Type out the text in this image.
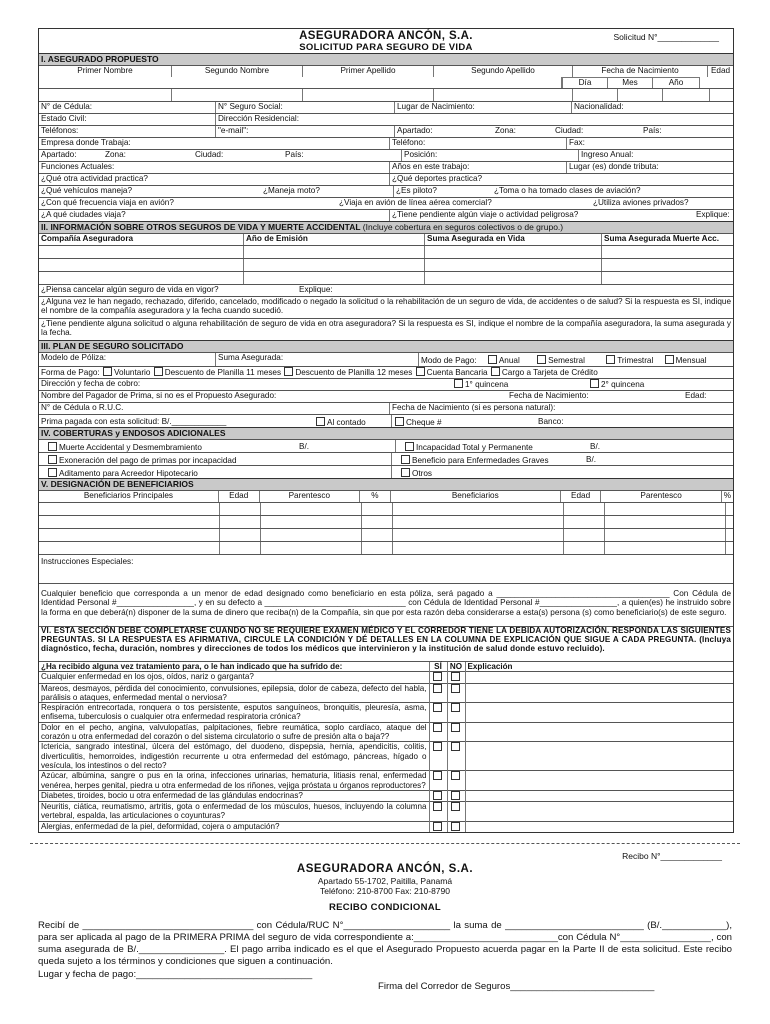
ASEGURADORA ANCÓN, S.A.
SOLICITUD PARA SEGURO DE VIDA
Solicitud N°_____________
I. ASEGURADO PROPUESTO
Primer Nombre	Segundo Nombre	Primer Apellido	Segundo Apellido	Fecha de Nacimiento	Edad
Día	Mes	Año
N° de Cédula:	N° Seguro Social:	Lugar de Nacimiento:	Nacionalidad:
Estado Civil:	Dirección Residencial:
Teléfonos:	"e-mail":	Apartado:	Zona:	Ciudad:	País:
Empresa donde Trabaja:	Teléfono:	Fax:
Apartado:	Zona:	Ciudad:	País:	Posición:	Ingreso Anual:
Funciones Actuales:	Años en este trabajo:	Lugar (es) donde tributa:
¿Qué otra actividad practica?	¿Qué deportes practica?
¿Qué vehículos maneja?	¿Maneja moto?	¿Es piloto?	¿Toma o ha tomado clases de aviación?
¿Con qué frecuencia viaja en avión?	¿Viaja en avión de línea aérea comercial?	¿Utiliza aviones privados?
¿A qué ciudades viaja?	¿Tiene pendiente algún viaje o actividad peligrosa?	Explique:
II. INFORMACIÓN SOBRE OTROS SEGUROS DE VIDA Y MUERTE ACCIDENTAL (Incluye cobertura en seguros colectivos o de grupo.)
Compañía Aseguradora	Año de Emisión	Suma Asegurada en Vida	Suma Asegurada Muerte Acc.
¿Piensa cancelar algún seguro de vida en vigor?	Explique:
¿Alguna vez le han negado, rechazado, diferido, cancelado, modificado o negado la solicitud o la rehabilitación de un seguro de vida, de accidentes o de salud? Si la respuesta es SI, indique el nombre de la compañía aseguradora y la fecha cuando sucedió.
¿Tiene pendiente alguna solicitud o alguna rehabilitación de seguro de vida en otra aseguradora? Si la respuesta es SI, indique el nombre de la compañía aseguradora, la suma asegurada y la fecha.
III. PLAN DE SEGURO SOLICITADO
Modelo de Póliza:	Suma Asegurada:	Modo de Pago:	Anual	Semestral	Trimestral	Mensual
Forma de Pago: Voluntario Descuento de Planilla 11 meses Descuento de Planilla 12 meses Cuenta Bancaria Cargo a Tarjeta de Crédito
Dirección y fecha de cobro:	1° quincena	2° quincena
Nombre del Pagador de Prima, si no es el Propuesto Asegurado:	Fecha de Nacimiento:	Edad:
N° de Cédula o R.U.C.	Fecha de Nacimiento (si es persona natural):
Prima pagada con esta solicitud: B/.____________	Al contado	Cheque #	Banco:
IV. COBERTURAS y ENDOSOS ADICIONALES
Muerte Accidental y Desmembramiento	B/.	Incapacidad Total y Permanente	B/.
Exoneración del pago de primas por incapacidad	Beneficio para Enfermedades Graves	B/.
Aditamento para Acreedor Hipotecario	Otros
V. DESIGNACIÓN DE BENEFICIARIOS
Beneficiarios Principales	Edad	Parentesco	%	Beneficiarios	Edad	Parentesco	%
Instrucciones Especiales:
Cualquier beneficio que corresponda a un menor de edad designado como beneficiario en esta póliza, será pagado a ______________________________________ Con Cédula de Identidad Personal #_________________, y en su defecto a _______________________________ con Cédula de Identidad Personal #_________________, a quien(es) he instruido sobre la forma en que deberá(n) disponer de la suma de dinero que reciba(n) de la Compañía, sin que por esta razón deba considerarse a esta(s) persona (s) como beneficiario(s) de este seguro.
VI. ESTA SECCIÓN DEBE COMPLETARSE CUANDO NO SE REQUIERE EXAMEN MÉDICO Y EL CORREDOR TIENE LA DEBIDA AUTORIZACIÓN. RESPONDA LAS SIGUIENTES PREGUNTAS. SI LA RESPUESTA ES AFIRMATIVA, CIRCULE LA CONDICIÓN Y DÉ DETALLES EN LA COLUMNA DE EXPLICACIÓN QUE SIGUE A CADA PREGUNTA. (Incluya diagnóstico, fecha, duración, nombres y direcciones de todos los médicos que intervinieron y la institución de salud donde estuvo recluido).
¿Ha recibido alguna vez tratamiento para, o le han indicado que ha sufrido de:	SÍ	NO	Explicación
Cualquier enfermedad en los ojos, oídos, nariz o garganta?			
Mareos, desmayos, pérdida del conocimiento, convulsiones, epilepsia, dolor de cabeza, defecto del habla, parálisis o ataques, enfermedad mental o nerviosa?			
Respiración entrecortada, ronquera o tos persistente, esputos sanguíneos, bronquitis, pleuresía, asma, enfisema, tuberculosis o cualquier otra enfermedad respiratoria crónica?			
Dolor en el pecho, angina, valvulopatías, palpitaciones, fiebre reumática, soplo cardíaco, ataque del corazón u otra enfermedad del corazón o del sistema circulatorio o sufre de presión alta o baja??			
Ictericia, sangrado intestinal, úlcera del estómago, del duodeno, dispepsia, hernia, apendicitis, colitis, diverticulitis, hemorroides, indigestión recurrente u otra enfermedad del estómago, páncreas, hígado o vesícula, los intestinos o del recto?			
Azúcar, albúmina, sangre o pus en la orina, infecciones urinarias, hematuria, litiasis renal, enfermedad venérea, herpes genital, piedra u otra enfermedad de los riñones, vejiga próstata u órganos reproductores?			
Diabetes, tiroides, bocio u otra enfermedad de las glándulas endocrinas?			
Neuritis, ciática, reumatismo, artritis, gota o enfermedad de los músculos, huesos, incluyendo la columna vertebral, espalda, las articulaciones o coyunturas?			
Alergias, enfermedad de la piel, deformidad, cojera o amputación?			
Recibo N°_____________
ASEGURADORA ANCÓN, S.A.
Apartado 55-1702, Paitilla, Panamá
Teléfono: 210-8700 Fax: 210-8790
RECIBO CONDICIONAL
Recibí de ________________________________ con Cédula/RUC N°____________________ la suma de __________________________ (B/.____________), para ser aplicada al pago de la PRIMERA PRIMA del seguro de vida correspondiente a:___________________________con Cédula N°_________________, con suma asegurada de B/.________________. El pago arriba indicado es el que el Asegurado Propuesto acuerda pagar en la Parte II de esta solicitud. Este recibo queda sujeto a los términos y condiciones que siguen a continuación.
Lugar y fecha de pago:_________________________________
Firma del Corredor de Seguros___________________________
